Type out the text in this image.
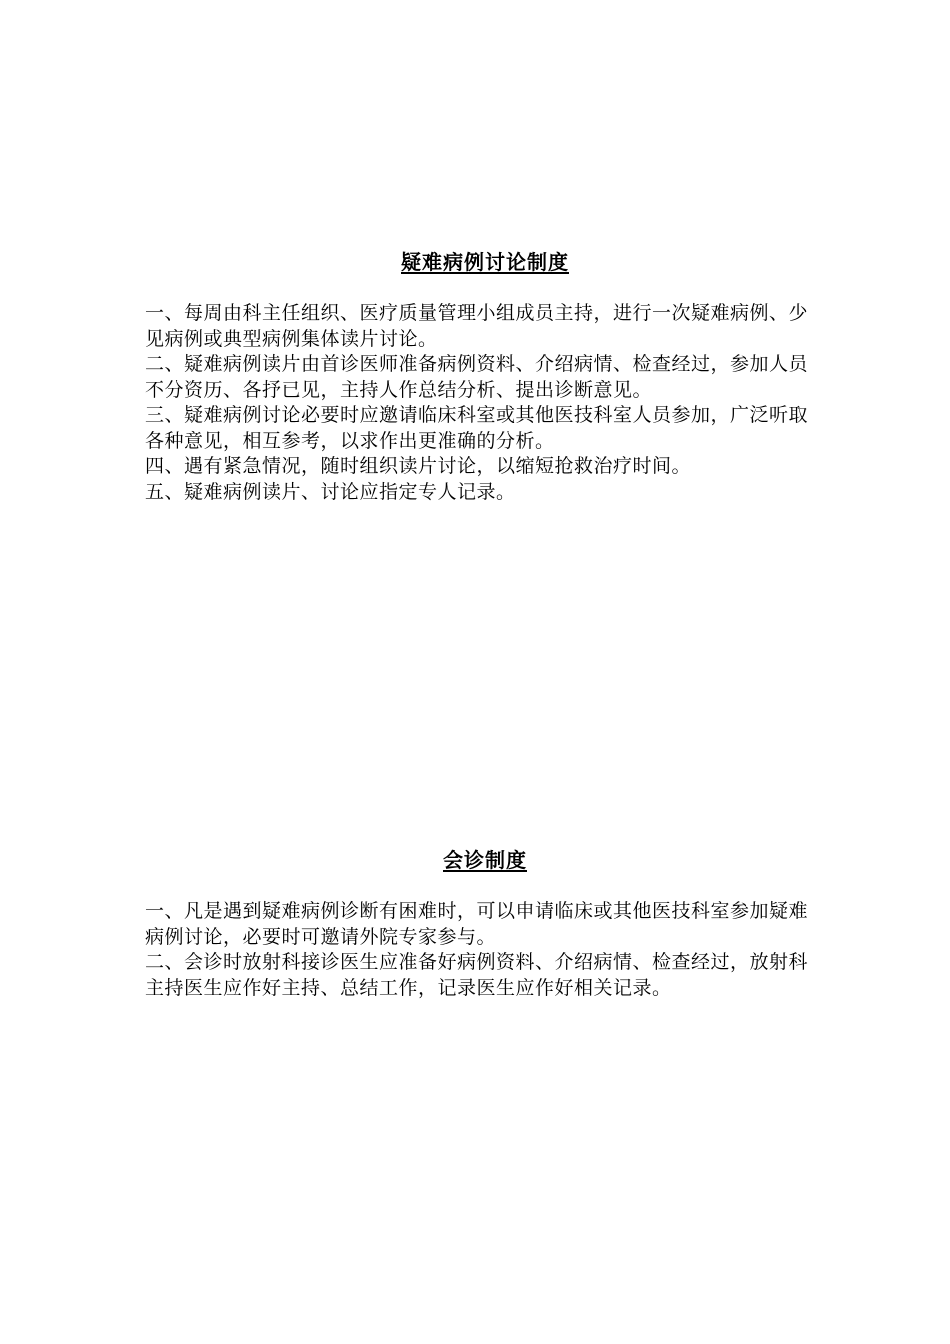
疑难病例讨论制度

一、每周由科主任组织、医疗质量管理小组成员主持，进行一次疑难病例、少见病例或典型病例集体读片讨论。

二、疑难病例读片由首诊医师准备病例资料、介绍病情、检查经过，参加人员不分资历、各抒已见，主持人作总结分析、提出诊断意见。

三、疑难病例讨论必要时应邀请临床科室或其他医技科室人员参加，广泛听取各种意见，相互参考，以求作出更准确的分析。

四、遇有紧急情况，随时组织读片讨论，以缩短抢救治疗时间。

五、疑难病例读片、讨论应指定专人记录。

会诊制度

一、凡是遇到疑难病例诊断有困难时，可以申请临床或其他医技科室参加疑难病例讨论，必要时可邀请外院专家参与。

二、会诊时放射科接诊医生应准备好病例资料、介绍病情、检查经过，放射科主持医生应作好主持、总结工作，记录医生应作好相关记录。
